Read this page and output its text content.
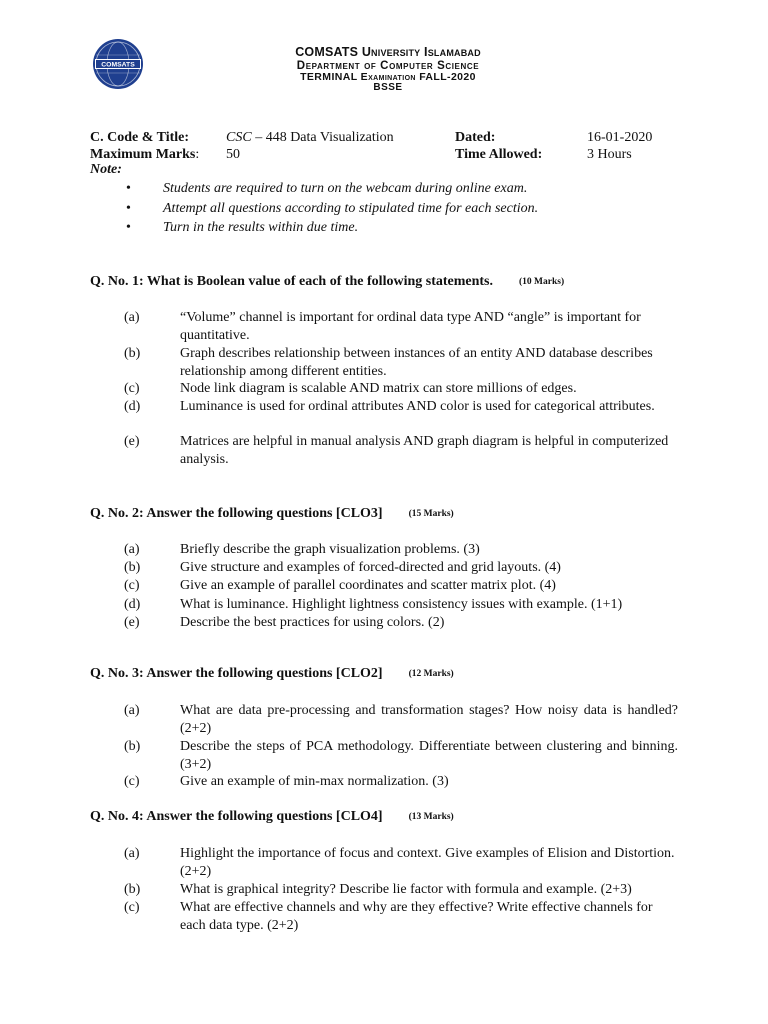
COMSATS
COMSATS University Islamabad
Department of Computer Science
TERMINAL Examination FALL-2020
BSSE
C. Code & Title:	CSC – 448 Data Visualization	Dated:	16-01-2020
Maximum Marks: 50	Time Allowed:	3 Hours
Note:
• Students are required to turn on the webcam during online exam.
• Attempt all questions according to stipulated time for each section.
• Turn in the results within due time.
Q. No. 1: What is Boolean value of each of the following statements.	(10 Marks)
(a)	“Volume” channel is important for ordinal data type AND “angle” is important for quantitative.
(b)	Graph describes relationship between instances of an entity AND database describes relationship among different entities.
(c)	Node link diagram is scalable AND matrix can store millions of edges.
(d)	Luminance is used for ordinal attributes AND color is used for categorical attributes.
(e)	Matrices are helpful in manual analysis AND graph diagram is helpful in computerized analysis.
Q. No. 2: Answer the following questions [CLO3]	(15 Marks)
(a)	Briefly describe the graph visualization problems. (3)
(b)	Give structure and examples of forced-directed and grid layouts. (4)
(c)	Give an example of parallel coordinates and scatter matrix plot. (4)
(d)	What is luminance. Highlight lightness consistency issues with example. (1+1)
(e)	Describe the best practices for using colors. (2)
Q. No. 3: Answer the following questions [CLO2]	(12 Marks)
(a)	What are data pre-processing and transformation stages? How noisy data is handled? (2+2)
(b)	Describe the steps of PCA methodology. Differentiate between clustering and binning. (3+2)
(c)	Give an example of min-max normalization. (3)
Q. No. 4: Answer the following questions [CLO4]	(13 Marks)
(a)	Highlight the importance of focus and context. Give examples of Elision and Distortion. (2+2)
(b)	What is graphical integrity? Describe lie factor with formula and example. (2+3)
(c)	What are effective channels and why are they effective? Write effective channels for each data type. (2+2)
